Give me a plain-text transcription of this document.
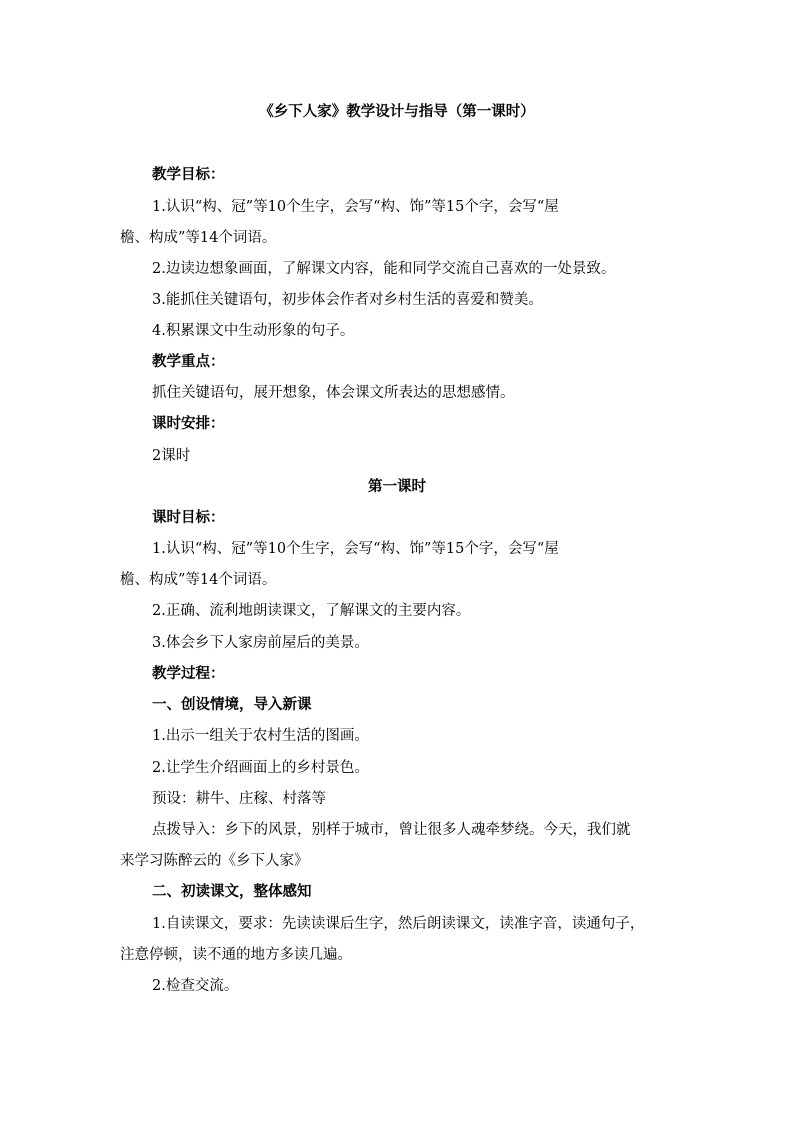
《乡下人家》教学设计与指导（第一课时）
教学目标：
1.认识“构、冠”等10个生字，会写“构、饰”等15个字，会写“屋
檐、构成”等14个词语。
2.边读边想象画面，了解课文内容，能和同学交流自己喜欢的一处景致。
3.能抓住关键语句，初步体会作者对乡村生活的喜爱和赞美。
4.积累课文中生动形象的句子。
教学重点：
抓住关键语句，展开想象，体会课文所表达的思想感情。
课时安排：
2课时
第一课时
课时目标：
1.认识“构、冠”等10个生字，会写“构、饰”等15个字，会写“屋
檐、构成”等14个词语。
2.正确、流利地朗读课文，了解课文的主要内容。
3.体会乡下人家房前屋后的美景。
教学过程：
一、创设情境，导入新课
1.出示一组关于农村生活的图画。
2.让学生介绍画面上的乡村景色。
预设：耕牛、庄稼、村落等
点拨导入：乡下的风景，别样于城市，曾让很多人魂牵梦绕。今天，我们就
来学习陈醉云的《乡下人家》
二、初读课文，整体感知
1.自读课文，要求：先读读课后生字，然后朗读课文，读准字音，读通句子，
注意停顿，读不通的地方多读几遍。
2.检查交流。
